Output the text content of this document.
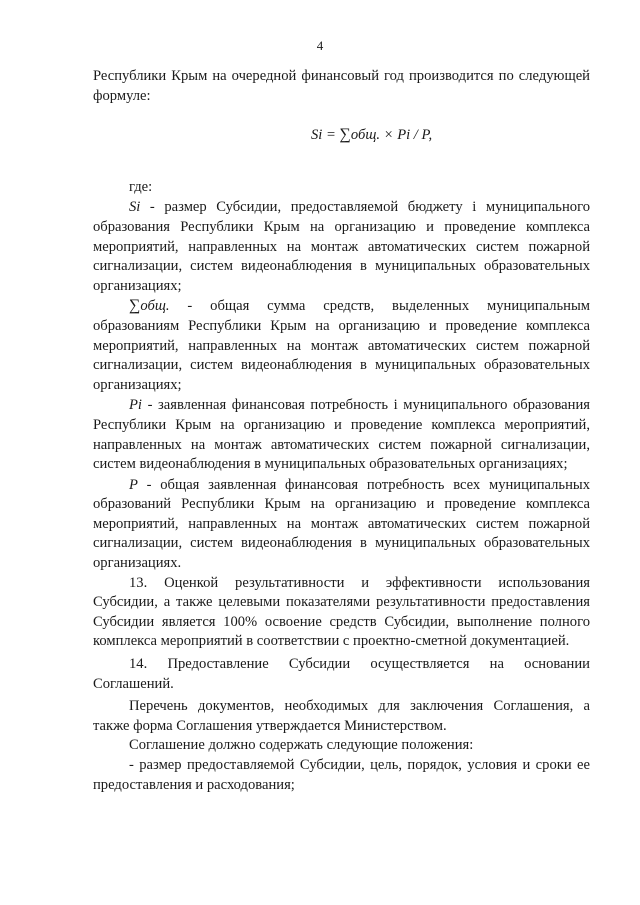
4

Республики Крым на очередной финансовый год производится по следующей формуле:

Si = ∑общ. × Pi / P,

где:

Si - размер Субсидии, предоставляемой бюджету i муниципального образования Республики Крым на организацию и проведение комплекса мероприятий, направленных на монтаж автоматических систем пожарной сигнализации, систем видеонаблюдения в муниципальных образовательных организациях;

∑общ. - общая сумма средств, выделенных муниципальным образованиям Республики Крым на организацию и проведение комплекса мероприятий, направленных на монтаж автоматических систем пожарной сигнализации, систем видеонаблюдения в муниципальных образовательных организациях;

Pi - заявленная финансовая потребность i муниципального образования Республики Крым на организацию и проведение комплекса мероприятий, направленных на монтаж автоматических систем пожарной сигнализации, систем видеонаблюдения в муниципальных образовательных организациях;

P - общая заявленная финансовая потребность всех муниципальных образований Республики Крым на организацию и проведение комплекса мероприятий, направленных на монтаж автоматических систем пожарной сигнализации, систем видеонаблюдения в муниципальных образовательных организациях.

13. Оценкой результативности и эффективности использования Субсидии, а также целевыми показателями результативности предоставления Субсидии является 100% освоение средств Субсидии, выполнение полного комплекса мероприятий в соответствии с проектно-сметной документацией.

14. Предоставление Субсидии осуществляется на основании Соглашений.

Перечень документов, необходимых для заключения Соглашения, а также форма Соглашения утверждается Министерством.

Соглашение должно содержать следующие положения:

- размер предоставляемой Субсидии, цель, порядок, условия и сроки ее предоставления и расходования;
